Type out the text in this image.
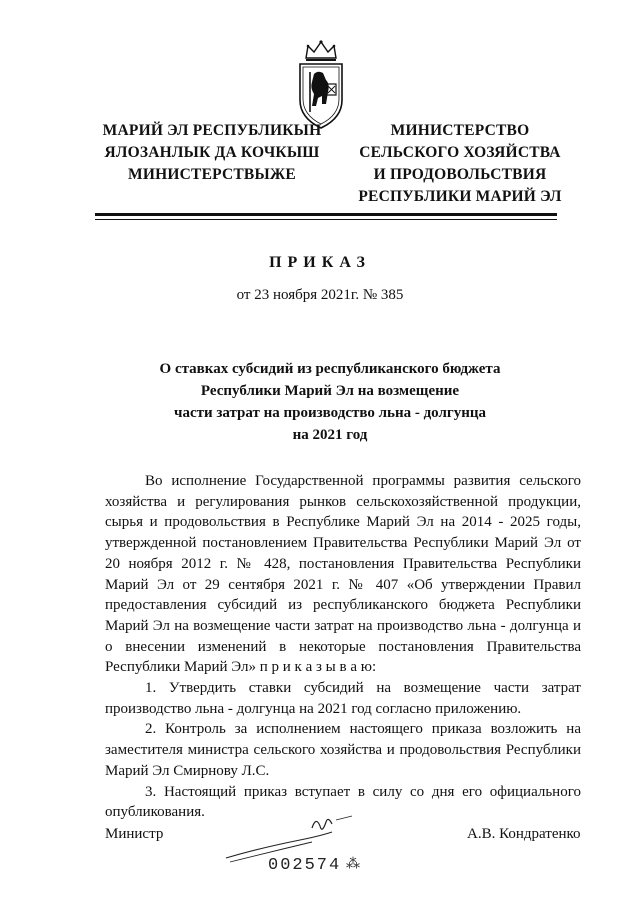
МАРИЙ ЭЛ РЕСПУБЛИКЫН
ЯЛОЗАНЛЫК ДА КОЧКЫШ
МИНИСТЕРСТВЫЖЕ
МИНИСТЕРСТВО
СЕЛЬСКОГО ХОЗЯЙСТВА
И ПРОДОВОЛЬСТВИЯ
РЕСПУБЛИКИ МАРИЙ ЭЛ
ПРИКАЗ
от 23 ноября 2021г. № 385
О ставках субсидий из республиканского бюджета
Республики Марий Эл на возмещение
части затрат на производство льна - долгунца
на 2021 год

Во исполнение Государственной программы развития сельского хозяйства и регулирования рынков сельскохозяйственной продукции, сырья и продовольствия в Республике Марий Эл на 2014 - 2025 годы, утвержденной постановлением Правительства Республики Марий Эл от 20 ноября 2012 г. № 428, постановления Правительства Республики Марий Эл от 29 сентября 2021 г. № 407 «Об утверждении Правил предоставления субсидий из республиканского бюджета Республики Марий Эл на возмещение части затрат на производство льна - долгунца и о внесении изменений в некоторые постановления Правительства Республики Марий Эл» п р и к а з ы в а ю:

1. Утвердить ставки субсидий на возмещение части затрат производство льна - долгунца на 2021 год согласно приложению.

2. Контроль за исполнением настоящего приказа возложить на заместителя министра сельского хозяйства и продовольствия Республики Марий Эл Смирнову Л.С.

3. Настоящий приказ вступает в силу со дня его официального опубликования.

Министр	А.В. Кондратенко
002574 ⁂
